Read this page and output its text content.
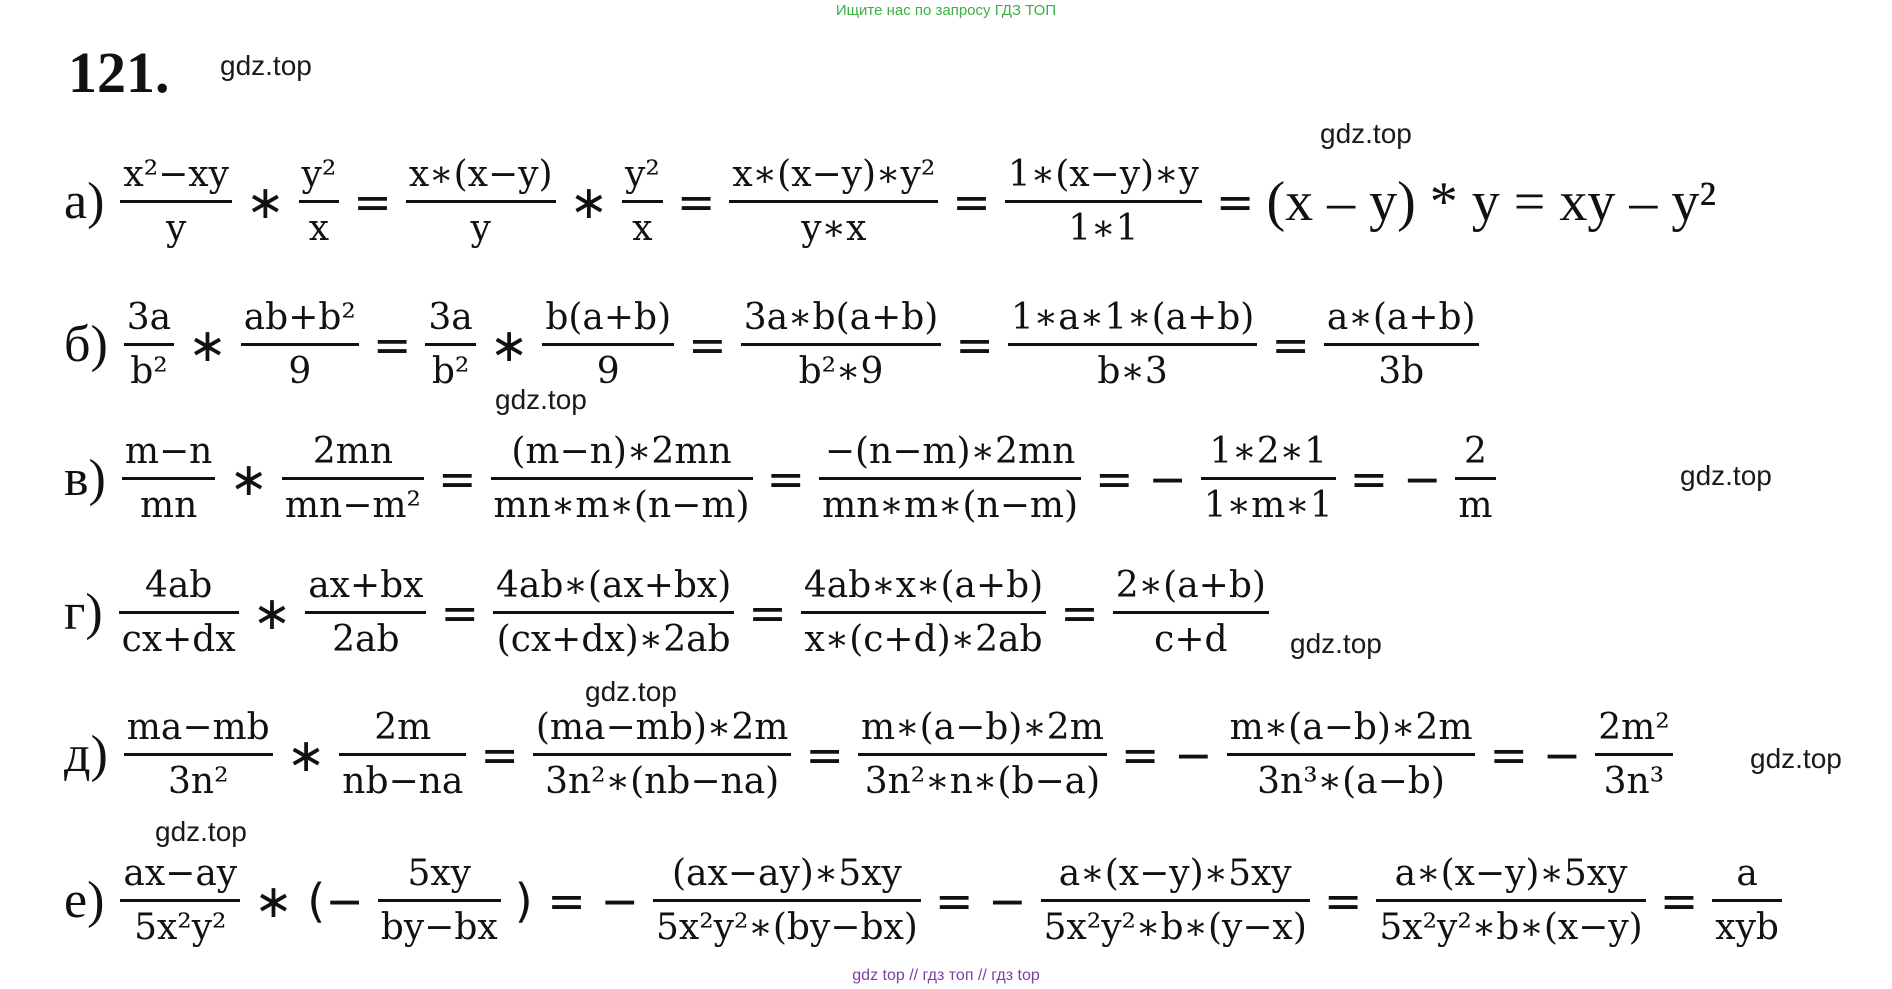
Ищите нас по запросу ГДЗ ТОП
121. gdz.top
gdz.top
gdz.top
gdz.top
gdz.top
gdz.top
gdz.top
gdz.top
$а) \frac{\text{x²−xy}}{y}$ ∗ $\frac{\text{y²}}{x} = \frac{x∗(x-y)}{y}$ ∗ $\frac{\text{y²}}{x} = \frac{\text{x∗(x−y)∗y²}}{y∗x} = \frac{1∗(x-y)∗y}{1∗1} = (x - y) * y$ = xy – y²
$б) \frac{3a}{\text{b²}}$ ∗ $\frac{\text{ab+b²}}{9} = \frac{3a}{\text{b²}}$ ∗ $\frac{b(a+b)}{9} = \frac{3a∗b(a+b)}{\text{b²∗9}} = \frac{1∗a∗1∗(a+b)}{b∗3} = \frac{a∗(a+b)}{3b}$
$в) \frac{m-n}{mn}$ ∗ $\frac{2mn}{\text{mn−m²}} = \frac{(m-n)∗2mn}{mn∗m∗(n-m)} = \frac{-(n-m)∗2mn}{mn∗m∗(n-m)}$ = − $\frac{1∗2∗1}{1∗m∗1}$ = − $\frac{2}{m}$
$г) \frac{4ab}{cx+dx}$ ∗ $\frac{ax+bx}{2ab} = \frac{4ab∗(ax+bx)}{(cx+dx)∗2ab} = \frac{4ab∗x∗(a+b)}{x∗(c+d)∗2ab} = \frac{2∗(a+b)}{c+d}$
$д) \frac{ma-mb}{\text{3n²}}$ ∗ $\frac{2m}{nb-na} = \frac{(ma-mb)∗2m}{\text{3n²∗(nb−na)}} = \frac{m∗(a-b)∗2m}{\text{3n²∗n∗(b−a)}}$ = − $\frac{m∗(a-b)∗2m}{\text{3n³∗(a−b)}}$ = − $\frac{\text{2m²}}{\text{3n³}}$
$е) \frac{ax-ay}{\text{5x²y²}}$ ∗ (− $\frac{5xy}{by-bx}$ ) = − $\frac{(ax-ay)∗5xy}{\text{5x²y²∗(by−bx)}}$ = − $\frac{a∗(x-y)∗5xy}{\text{5x²y²∗b∗(y−x)}} = \frac{a∗(x-y)∗5xy}{\text{5x²y²∗b∗(x−y)}} = \frac{a}{\text{xyb}}$
gdz top // гдз топ // гдз top
